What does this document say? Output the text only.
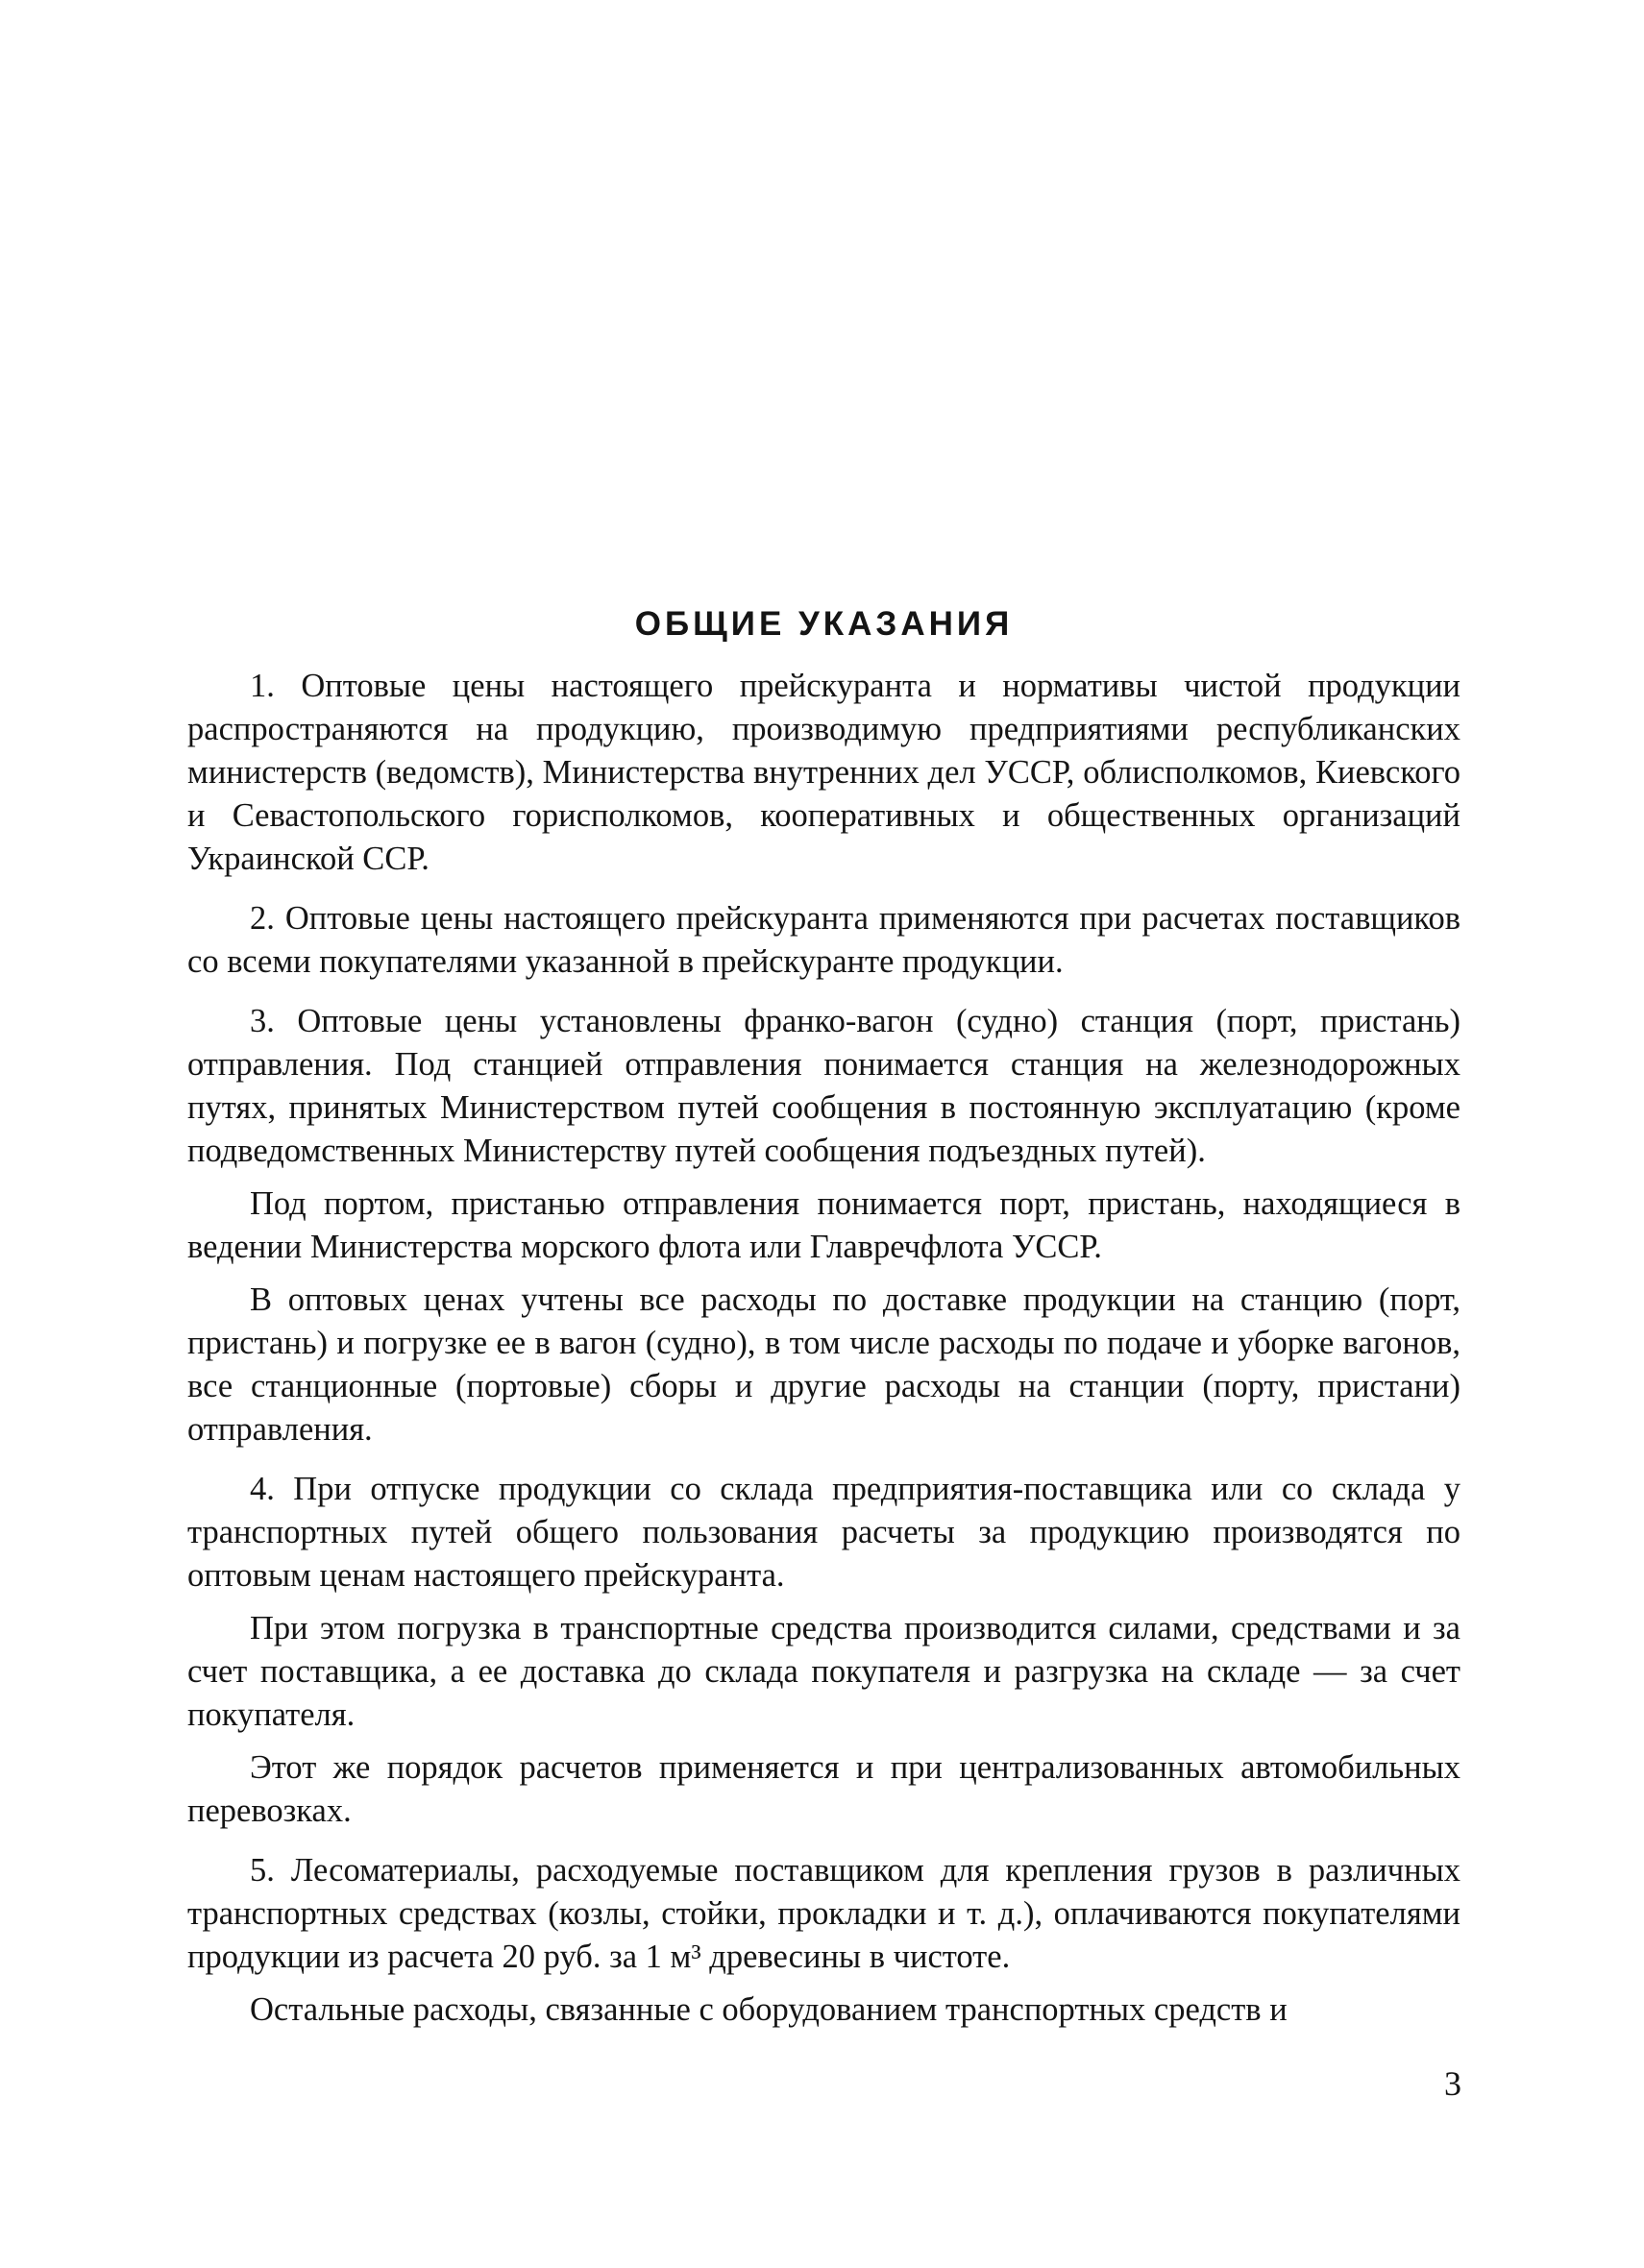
ОБЩИЕ УКАЗАНИЯ

1. Оптовые цены настоящего прейскуранта и нормативы чистой продукции распространяются на продукцию, производимую предприятиями республиканских министерств (ведомств), Министерства внутренних дел УССР, облисполкомов, Киевского и Севастопольского горисполкомов, кооперативных и общественных организаций Украинской ССР.

2. Оптовые цены настоящего прейскуранта применяются при расчетах поставщиков со всеми покупателями указанной в прейскуранте продукции.

3. Оптовые цены установлены франко-вагон (судно) станция (порт, пристань) отправления. Под станцией отправления понимается станция на железнодорожных путях, принятых Министерством путей сообщения в постоянную эксплуатацию (кроме подведомственных Министерству путей сообщения подъездных путей).

Под портом, пристанью отправления понимается порт, пристань, находящиеся в ведении Министерства морского флота или Главречфлота УССР.

В оптовых ценах учтены все расходы по доставке продукции на станцию (порт, пристань) и погрузке ее в вагон (судно), в том числе расходы по подаче и уборке вагонов, все станционные (портовые) сборы и другие расходы на станции (порту, пристани) отправления.

4. При отпуске продукции со склада предприятия-поставщика или со склада у транспортных путей общего пользования расчеты за продукцию производятся по оптовым ценам настоящего прейскуранта.

При этом погрузка в транспортные средства производится силами, средствами и за счет поставщика, а ее доставка до склада покупателя и разгрузка на складе — за счет покупателя.

Этот же порядок расчетов применяется и при централизованных автомобильных перевозках.

5. Лесоматериалы, расходуемые поставщиком для крепления грузов в различных транспортных средствах (козлы, стойки, прокладки и т. д.), оплачиваются покупателями продукции из расчета 20 руб. за 1 м³ древесины в чистоте.

Остальные расходы, связанные с оборудованием транспортных средств и

3
